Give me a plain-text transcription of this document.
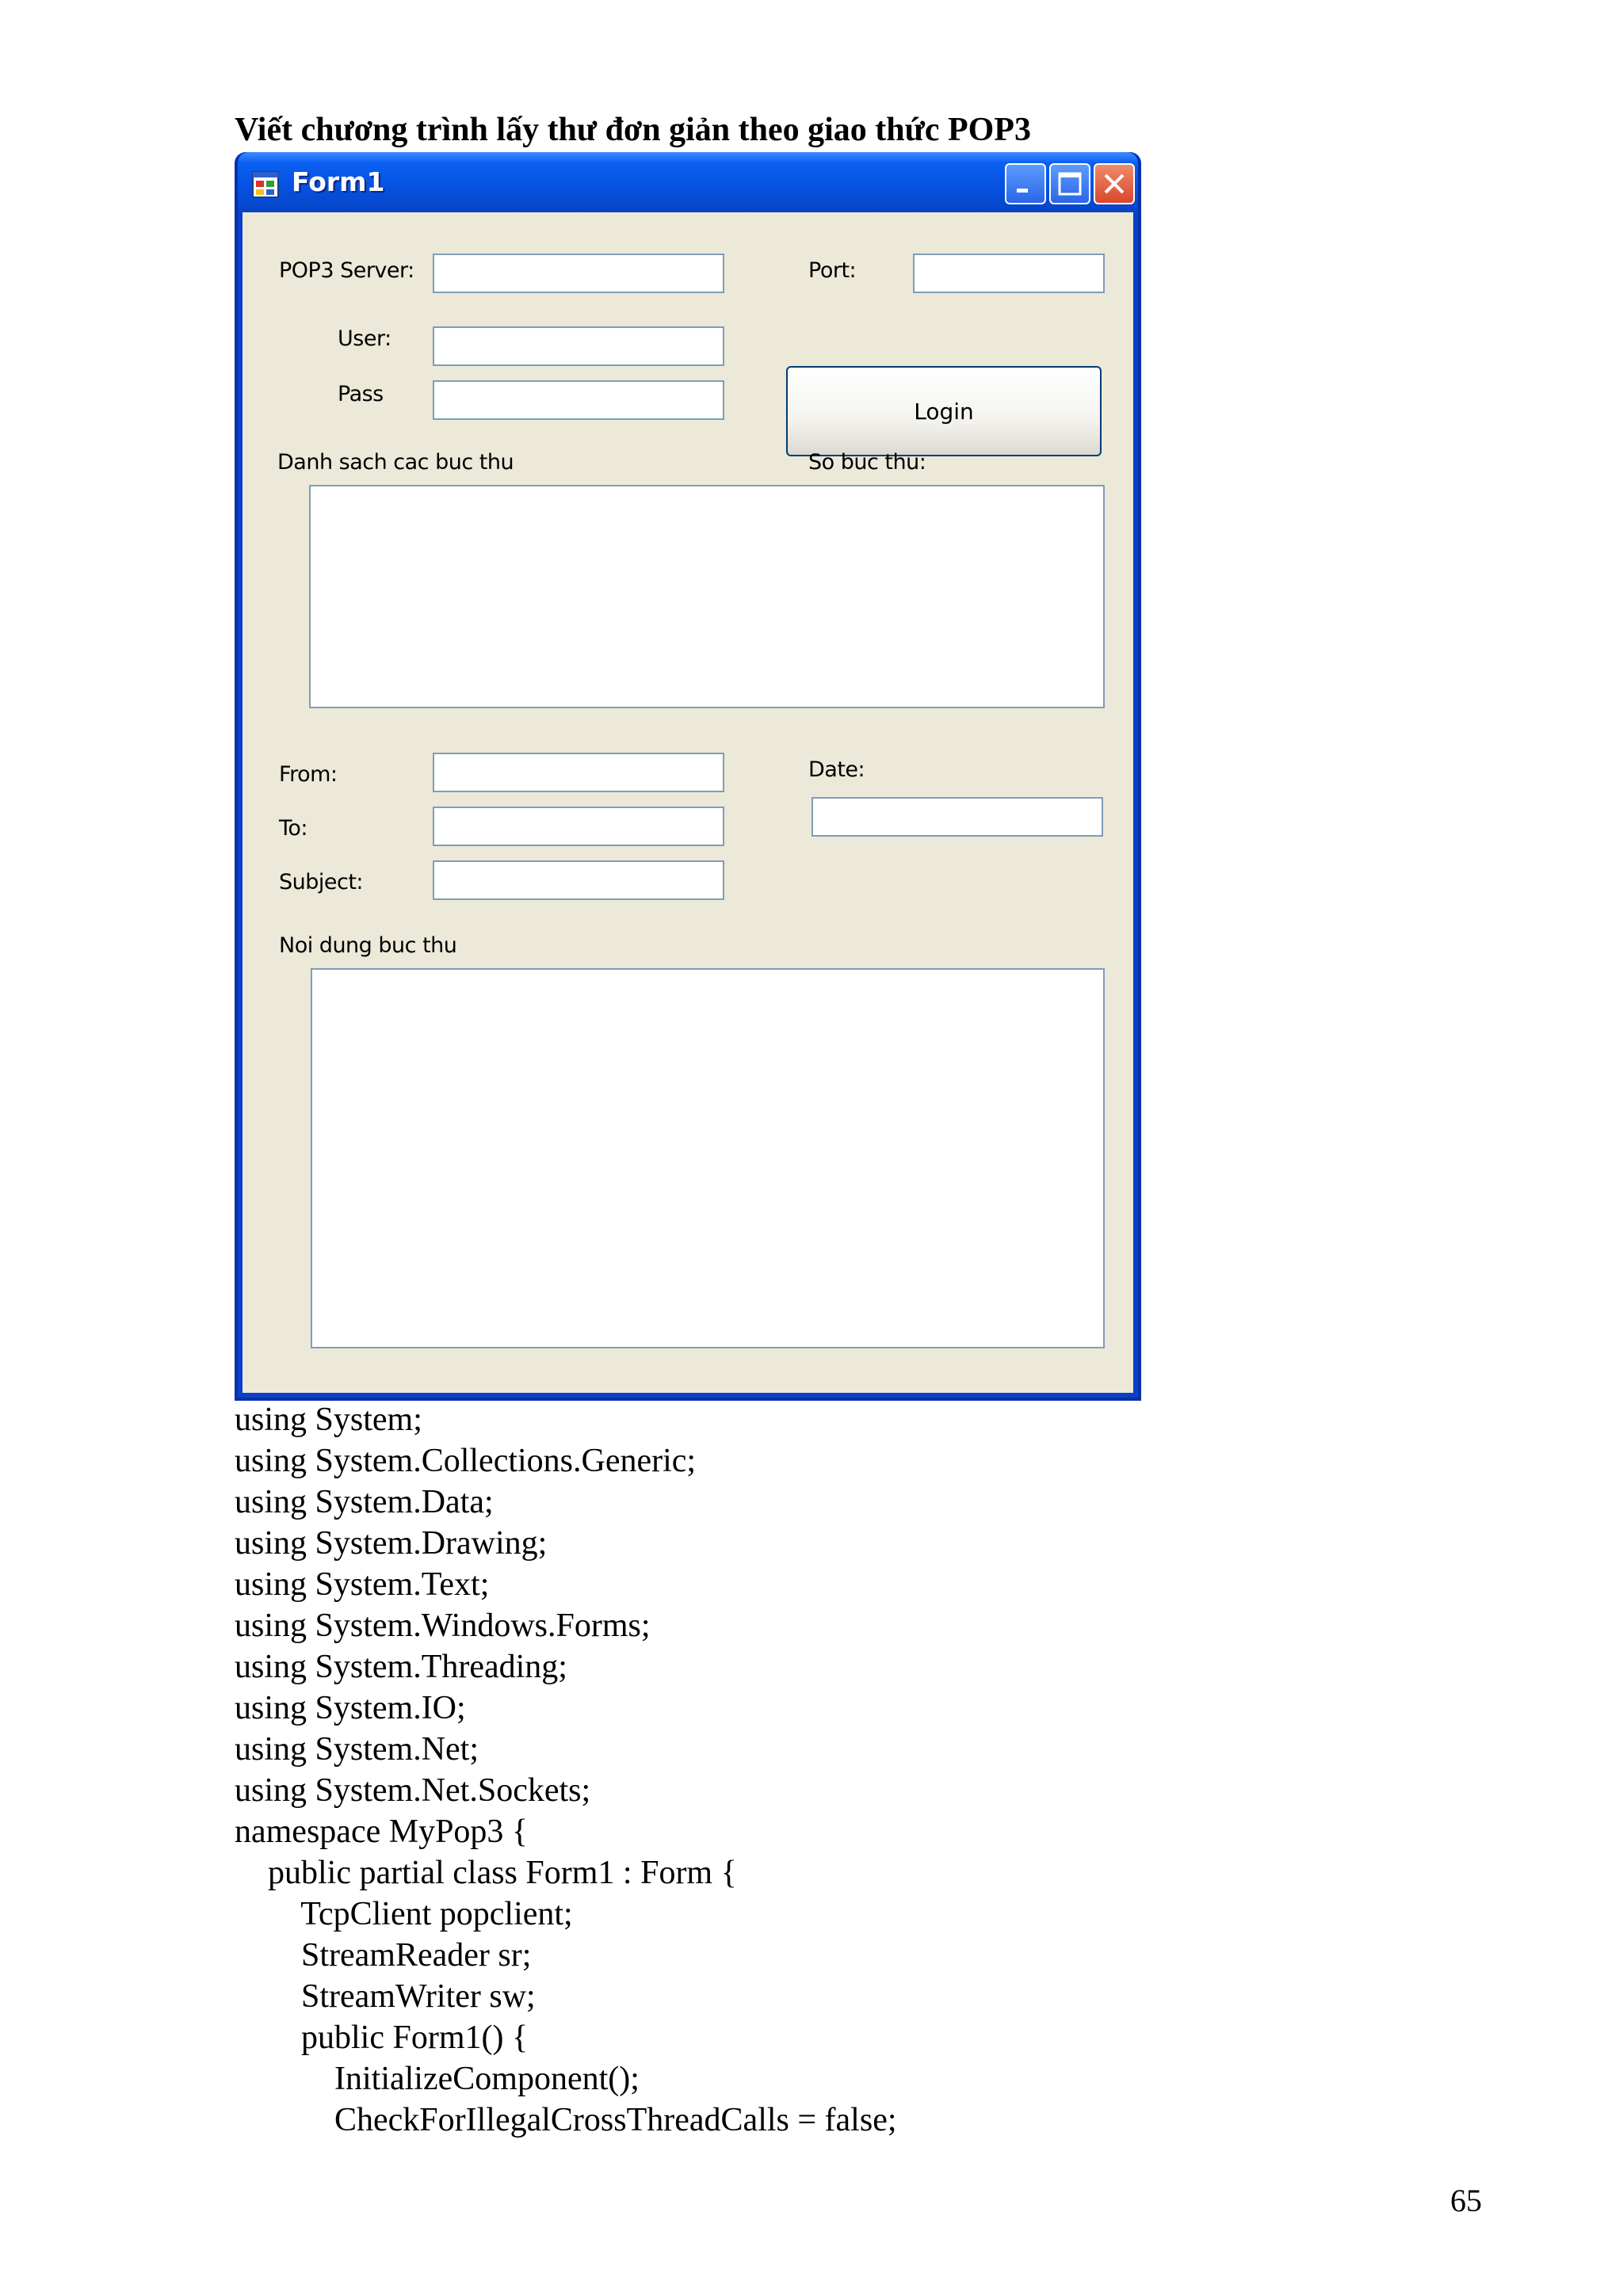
Viết chương trình lấy thư đơn giản theo giao thức POP3
Form1
POP3 Server:	Port:
User:
Pass
Login
Danh sach cac buc thu	So buc thu:
From:	Date:
To:
Subject:
Noi dung buc thu
using System;
using System.Collections.Generic;
using System.Data;
using System.Drawing;
using System.Text;
using System.Windows.Forms;
using System.Threading;
using System.IO;
using System.Net;
using System.Net.Sockets;
namespace MyPop3 {
public partial class Form1 : Form {
TcpClient popclient;
StreamReader sr;
StreamWriter sw;
public Form1() {
InitializeComponent();
CheckForIllegalCrossThreadCalls = false;
65
